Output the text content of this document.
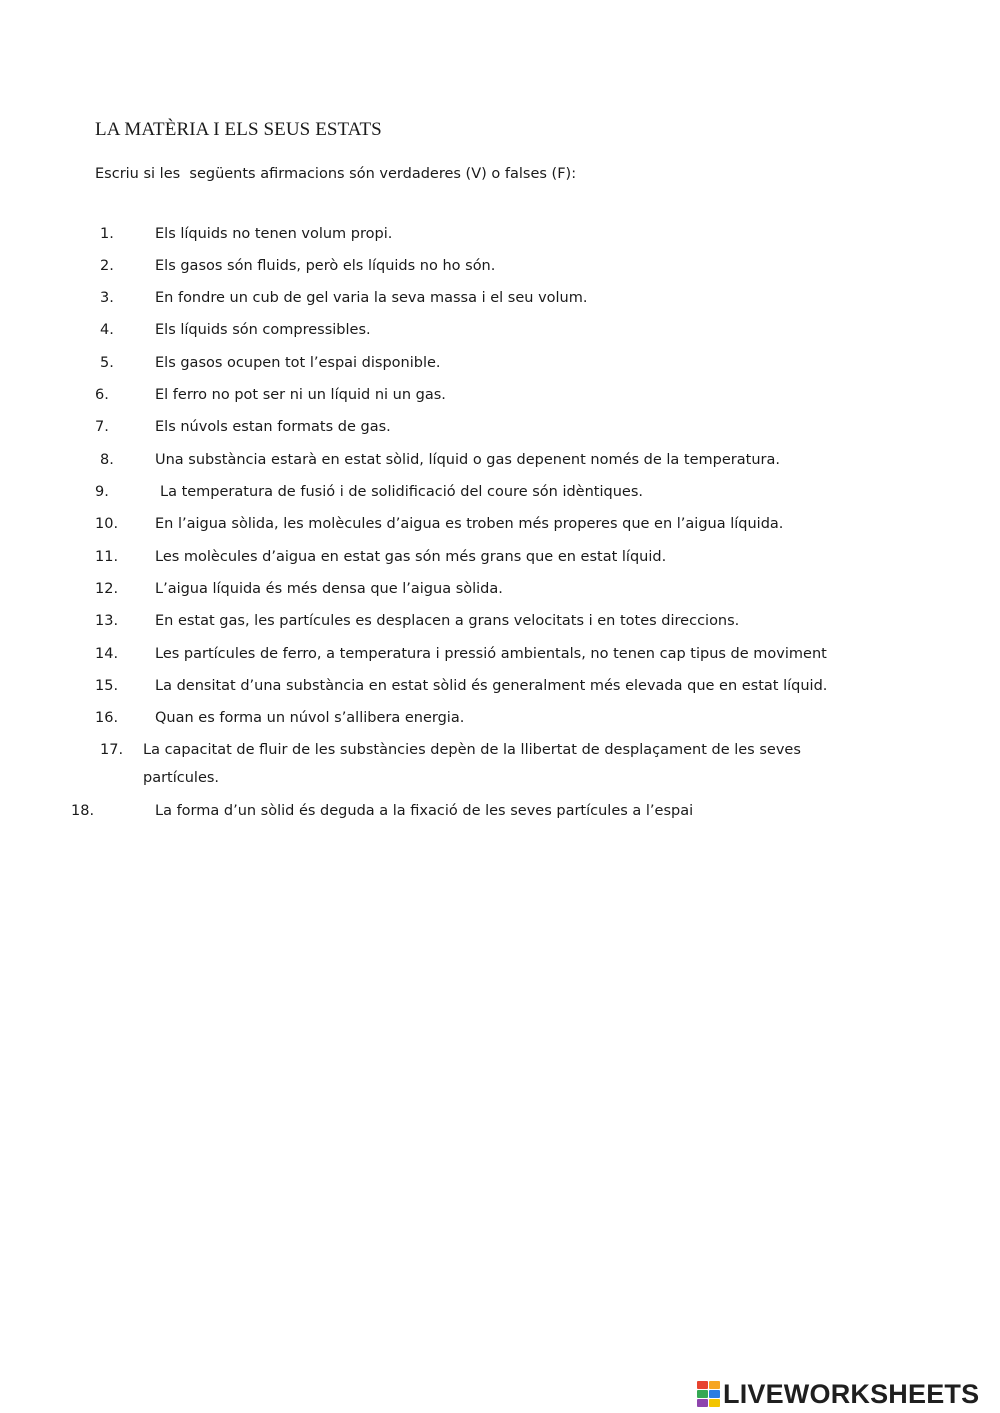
LA MATÈRIA I ELS SEUS ESTATS
Escriu si les  següents afirmacions són verdaderes (V) o falses (F):
1.	Els líquids no tenen volum propi.
2.	Els gasos són fluids, però els líquids no ho són.
3.	En fondre un cub de gel varia la seva massa i el seu volum.
4.	Els líquids són compressibles.
5.	Els gasos ocupen tot l’espai disponible.
6.	El ferro no pot ser ni un líquid ni un gas.
7.	Els núvols estan formats de gas.
8.	Una substància estarà en estat sòlid, líquid o gas depenent només de la temperatura.
9.	La temperatura de fusió i de solidificació del coure són idèntiques.
10.	En l’aigua sòlida, les molècules d’aigua es troben més properes que en l’aigua líquida.
11.	Les molècules d’aigua en estat gas són més grans que en estat líquid.
12.	L’aigua líquida és més densa que l’aigua sòlida.
13.	En estat gas, les partícules es desplacen a grans velocitats i en totes direccions.
14.	Les partícules de ferro, a temperatura i pressió ambientals, no tenen cap tipus de moviment
15.	La densitat d’una substància en estat sòlid és generalment més elevada que en estat líquid.
16.	Quan es forma un núvol s’allibera energia.
17. La capacitat de fluir de les substàncies depèn de la llibertat de desplaçament de les seves
partícules.
18.	La forma d’un sòlid és deguda a la fixació de les seves partícules a l’espai
LIVEWORKSHEETS
